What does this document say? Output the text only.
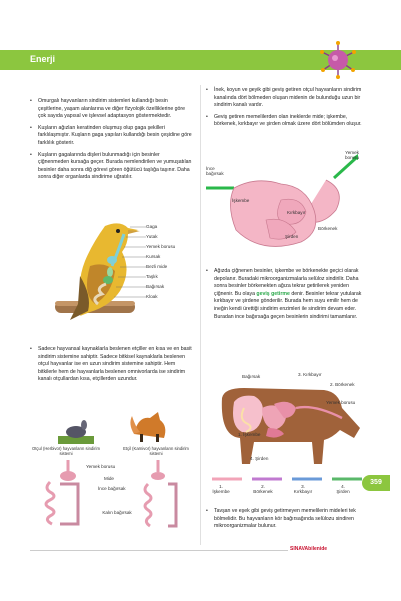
Enerji

• Omurgalı hayvanların sindirim sistemleri kullandığı besin çeşitlerine, yaşam alanlarına ve diğer fizyolojik özelliklerine göre çok sayıda yapısal ve işlevsel adaptasyon göstermektedir.

• Kuşların ağızları keratinden oluşmuş olup gaga şekilleri farklılaşmıştır. Kuşların gaga yapıları kullandığı besin çeşidine göre farklılık gösterir.

• Kuşların gagalarında dişleri bulunmadığı için besinler çiğnenmeden kursağa geçer. Burada nemlendirilen ve yumuşatılan besinler daha sonra diğ görevi gören öğütücü taşlığa taşınır. Daha sonra diğer organlarda sindirime uğratılır.

Gaga
Yutak
Yemek borusu
Kursak
Bezli mide
Taşlık
Bağırsak
Kloak

• Sadece hayvansal kaynaklarla beslenen etçiller en kısa ve en basit sindirim sistemine sahiptir. Sadece bitkisel kaynaklarla beslenen otçul hayvanlar ise en uzun sindirim sistemine sahiptir. Hem bitkilerle hem de hayvanlarla beslenen omnivorlarda ise sindirim kanalı otçullardan kısa, etçillerden uzundur.

Otçul (Herbivor) hayvanların sindirim sistemi
Etçil (Karnivor) hayvanların sindirim sistemi
Yemek borusu
Mide
İnce bağırsak
Kalın bağırsak

• İnek, koyun ve geyik gibi geviş getiren otçul hayvanların sindirim kanalında dört bölmeden oluşan midenin de bulunduğu uzun bir sindirim kanalı vardır.

• Geviş getiren memelilerden olan ineklerde mide; işkembe, börkenek, kırkbayır ve şirden olmak üzere dört bölümden oluşur.

Yemek borusu
İnce bağırsak
İşkembe
Kırkbayır
Börkenek
Şirden

• Ağızda çiğnenen besinler, işkembe ve börkenekte geçici olarak depolanır. Buradaki mikroorganizmalarla selüloz sindirilir. Daha sonra besinler börkenekten ağıza tekrar getirilerek yeniden çiğnenir. Bu olaya geviş getirme denir. Besinler tekrar yutularak kırkbayır ve şirdene gönderilir. Burada hem suyu emilir hem de ineğin kendi ürettiği sindirim enzimleri ile sindirim devam eder. Buradan ince bağırsağa geçen besinlerin sindirimi tamamlanır.

Bağırsak	3. Kırkbayır
2. Börkenek
Yemek borusu
1. İşkembe
4. Şirden
1. İşkembe
2. Börkenek
3. Kırkbayır
4. Şirden
359

• Tavşan ve eşek gibi geviş getirmeyen memelilerin mideleri tek bölmelidir. Bu hayvanların kör bağırsağında selülozu sindiren mikroorganizmalar bulunur.

SINAVAbilenide
